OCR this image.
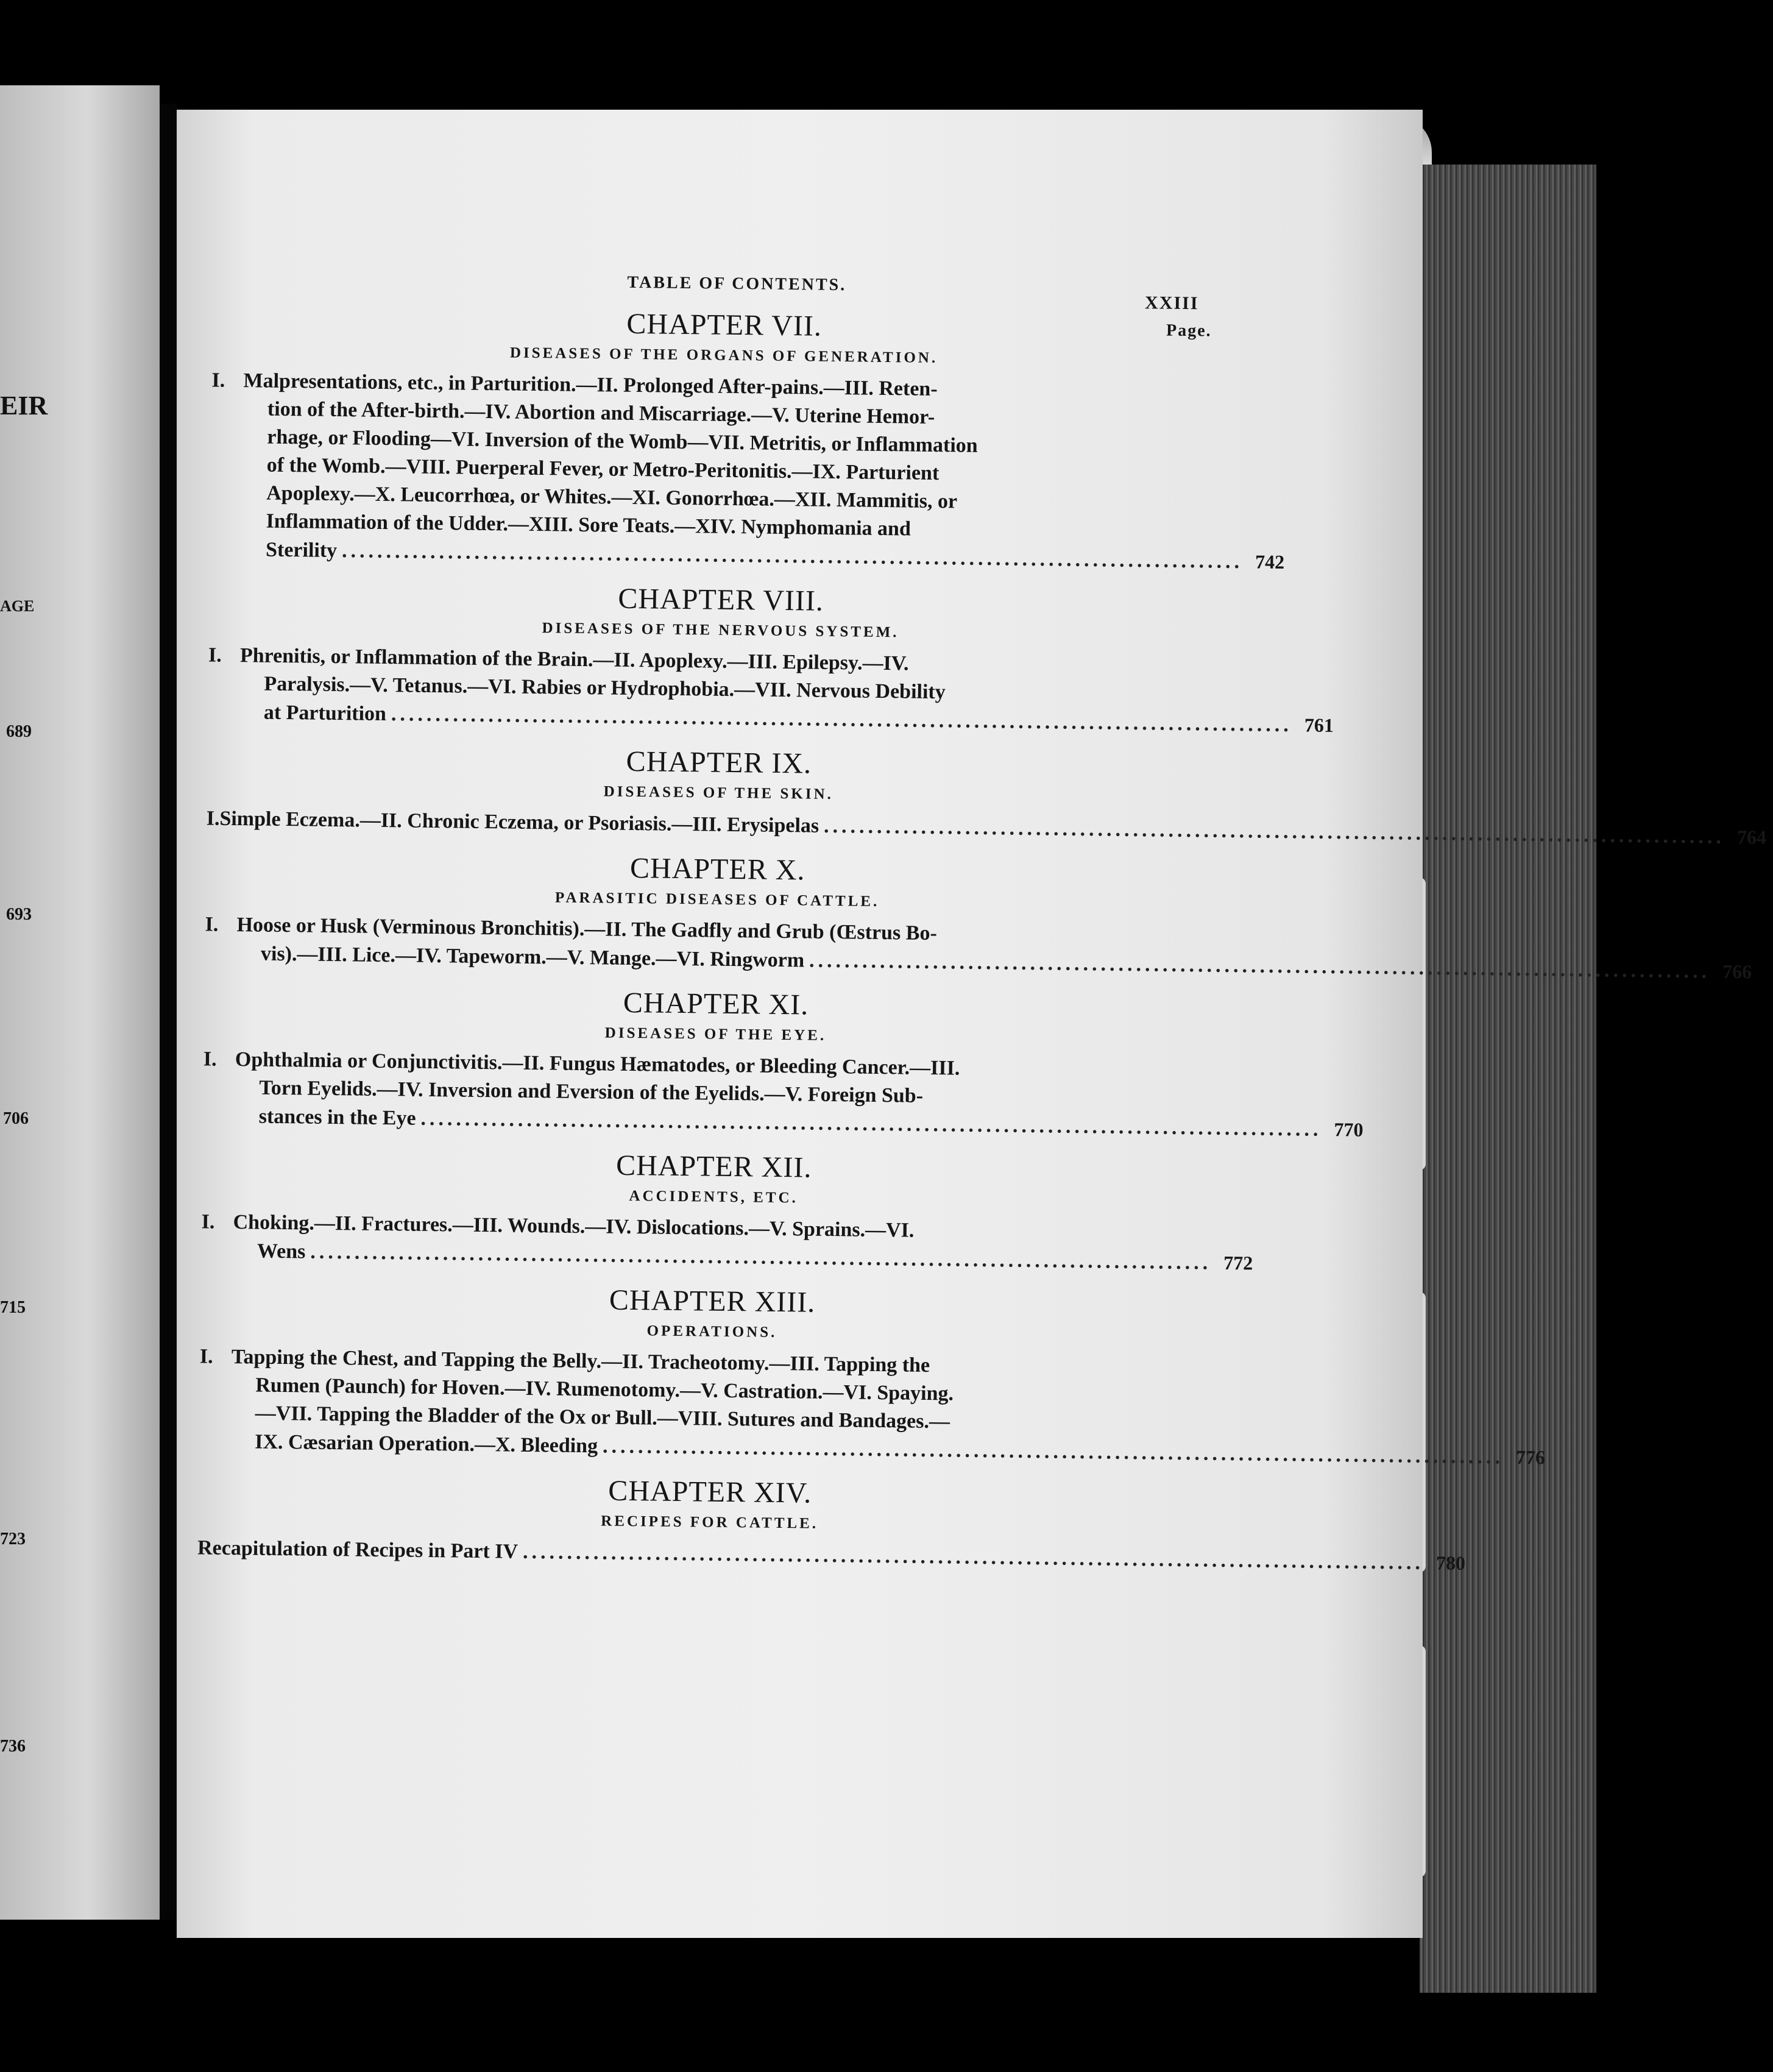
EIR
AGE
689
693
706
715
723
736
TABLE OF CONTENTS.
XXIII
CHAPTER VII.	Page.
DISEASES OF THE ORGANS OF GENERATION.
I. Malpresentations, etc., in Parturition.—II. Prolonged After-pains.—III. Reten-
tion of the After-birth.—IV. Abortion and Miscarriage.—V. Uterine Hemor-
rhage, or Flooding—VI. Inversion of the Womb—VII. Metritis, or Inflammation
of the Womb.—VIII. Puerperal Fever, or Metro-Peritonitis.—IX. Parturient
Apoplexy.—X. Leucorrhœa, or Whites.—XI. Gonorrhœa.—XII. Mammitis, or
Inflammation of the Udder.—XIII. Sore Teats.—XIV. Nymphomania and
Sterility ...................................................................................................... 742
CHAPTER VIII.
DISEASES OF THE NERVOUS SYSTEM.
I. Phrenitis, or Inflammation of the Brain.—II. Apoplexy.—III. Epilepsy.—IV.
Paralysis.—V. Tetanus.—VI. Rabies or Hydrophobia.—VII. Nervous Debility
at Parturition ...................................................................................................... 761
CHAPTER IX.
DISEASES OF THE SKIN.
I. Simple Eczema.—II. Chronic Eczema, or Psoriasis.—III. Erysipelas ...................................................................................................... 764
CHAPTER X.
PARASITIC DISEASES OF CATTLE.
I. Hoose or Husk (Verminous Bronchitis).—II. The Gadfly and Grub (Œstrus Bo-
vis).—III. Lice.—IV. Tapeworm.—V. Mange.—VI. Ringworm ...................................................................................................... 766
CHAPTER XI.
DISEASES OF THE EYE.
I. Ophthalmia or Conjunctivitis.—II. Fungus Hæmatodes, or Bleeding Cancer.—III.
Torn Eyelids.—IV. Inversion and Eversion of the Eyelids.—V. Foreign Sub-
stances in the Eye ...................................................................................................... 770
CHAPTER XII.
ACCIDENTS, ETC.
I. Choking.—II. Fractures.—III. Wounds.—IV. Dislocations.—V. Sprains.—VI.
Wens ...................................................................................................... 772
CHAPTER XIII.
OPERATIONS.
I. Tapping the Chest, and Tapping the Belly.—II. Tracheotomy.—III. Tapping the
Rumen (Paunch) for Hoven.—IV. Rumenotomy.—V. Castration.—VI. Spaying.
—VII. Tapping the Bladder of the Ox or Bull.—VIII. Sutures and Bandages.—
IX. Cæsarian Operation.—X. Bleeding ...................................................................................................... 776
CHAPTER XIV.
RECIPES FOR CATTLE.
Recapitulation of Recipes in Part IV ...................................................................................................... 780
